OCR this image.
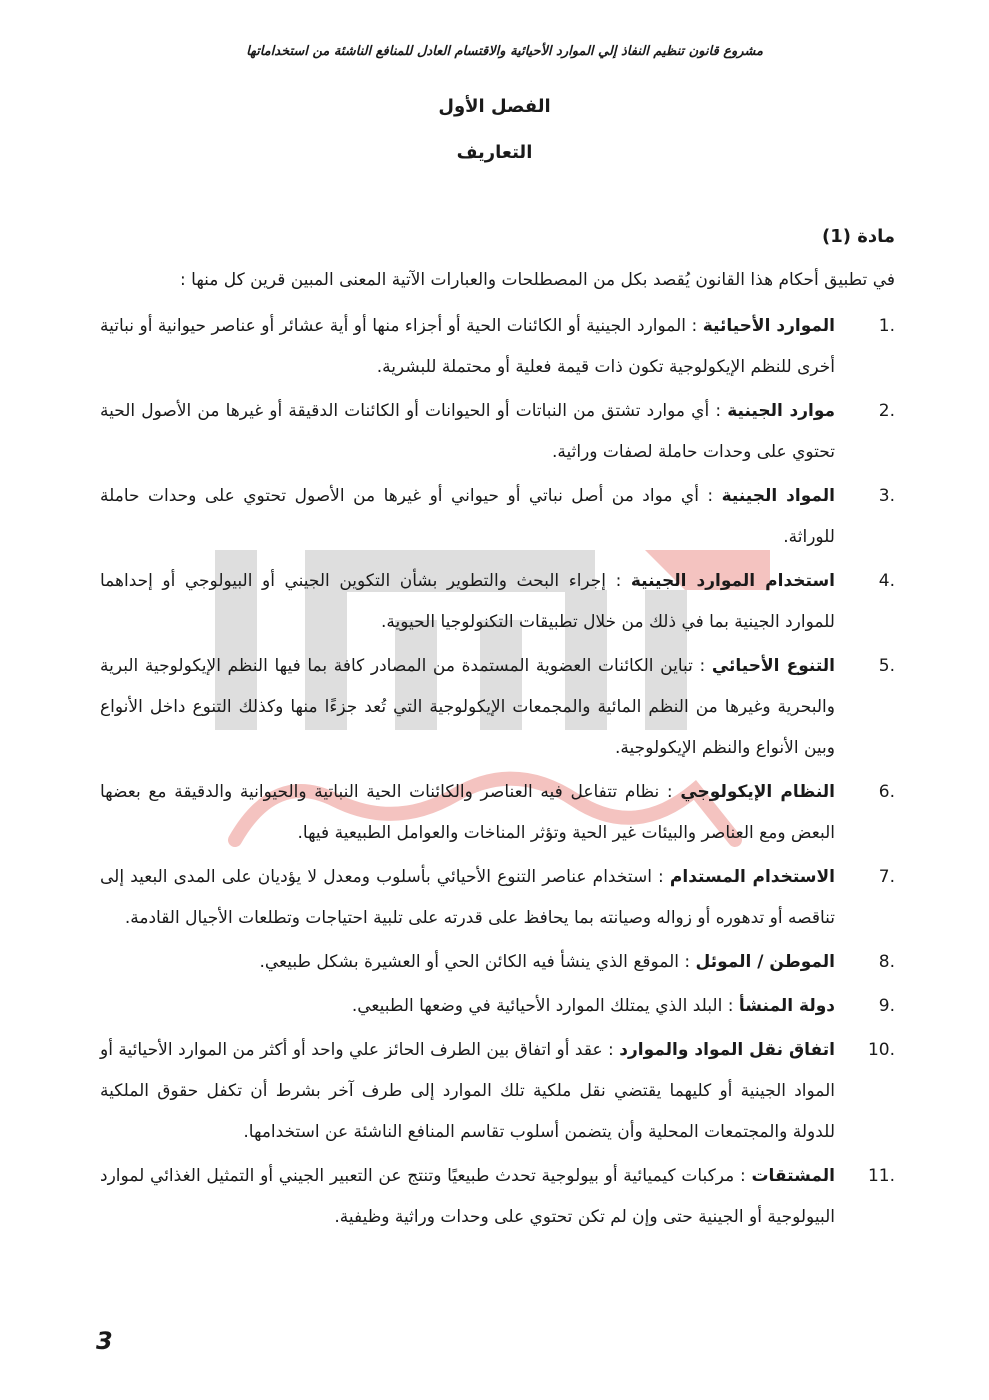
مشروع قانون تنظيم النفاذ إلي الموارد الأحيائية والاقتسام العادل للمنافع الناشئة من استخداماتها
الفصل الأول
التعاريف
مادة (1)
في تطبيق أحكام هذا القانون يُقصد بكل من المصطلحات والعبارات الآتية المعنى المبين قرين كل منها :
1.
الموارد الأحيائية : الموارد الجينية أو الكائنات الحية أو أجزاء منها أو أية عشائر أو عناصر حيوانية أو نباتية أخرى للنظم الإيكولوجية تكون ذات قيمة فعلية أو محتملة للبشرية.
2.
موارد الجينية : أي موارد تشتق من النباتات أو الحيوانات أو الكائنات الدقيقة أو غيرها من الأصول الحية تحتوي على وحدات حاملة لصفات وراثية.
3.
المواد الجينية : أي مواد من أصل نباتي أو حيواني أو غيرها من الأصول تحتوي على وحدات حاملة للوراثة.
4.
استخدام الموارد الجينية : إجراء البحث والتطوير بشأن التكوين الجيني أو البيولوجي أو إحداهما للموارد الجينية بما في ذلك من خلال تطبيقات التكنولوجيا الحيوية.
5.
التنوع الأحيائي : تباين الكائنات العضوية المستمدة من المصادر كافة بما فيها النظم الإيكولوجية البرية والبحرية وغيرها من النظم المائية والمجمعات الإيكولوجية التي تُعد جزءًا منها وكذلك التنوع داخل الأنواع وبين الأنواع والنظم الإيكولوجية.
6.
النظام الإيكولوجي : نظام تتفاعل فيه العناصر والكائنات الحية النباتية والحيوانية والدقيقة مع بعضها البعض ومع العناصر والبيئات غير الحية وتؤثر المناخات والعوامل الطبيعية فيها.
7.
الاستخدام المستدام : استخدام عناصر التنوع الأحيائي بأسلوب ومعدل لا يؤديان على المدى البعيد إلى تناقصه أو تدهوره أو زواله وصيانته بما يحافظ على قدرته على تلبية احتياجات وتطلعات الأجيال القادمة.
8.
الموطن / الموئل : الموقع الذي ينشأ فيه الكائن الحي أو العشيرة بشكل طبيعي.
9.
دولة المنشأ : البلد الذي يمتلك الموارد الأحيائية في وضعها الطبيعي.
10.
اتفاق نقل المواد والموارد : عقد أو اتفاق بين الطرف الحائز علي واحد أو أكثر من الموارد الأحيائية أو المواد الجينية أو كليهما يقتضي نقل ملكية تلك الموارد إلى طرف آخر بشرط أن تكفل حقوق الملكية للدولة والمجتمعات المحلية وأن يتضمن أسلوب تقاسم المنافع الناشئة عن استخدامها.
11.
المشتقات : مركبات كيميائية أو بيولوجية تحدث طبيعيًا وتنتج عن التعبير الجيني أو التمثيل الغذائي لموارد البيولوجية أو الجينية حتى وإن لم تكن تحتوي على وحدات وراثية وظيفية.
3
